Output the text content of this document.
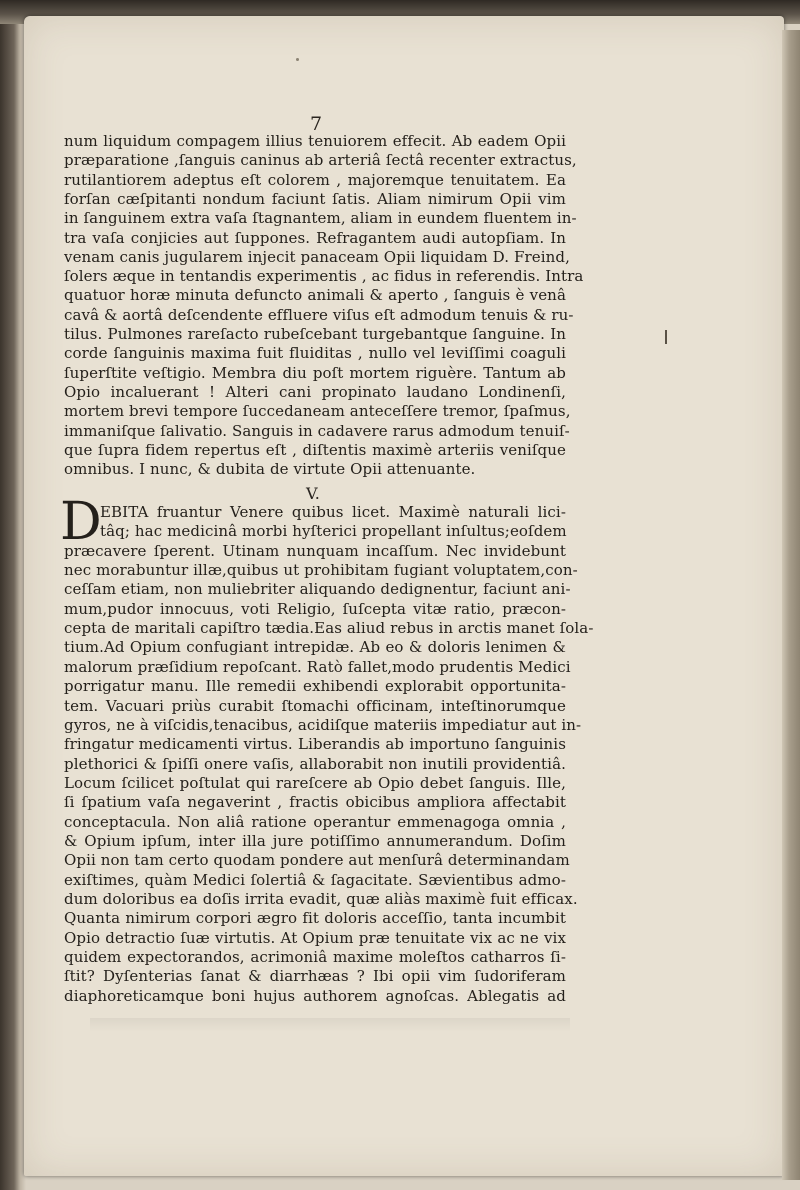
7
num liquidum compagem illius tenuiorem effecit. Ab eadem Opii
præparatione ,ſanguis caninus ab arteriâ ſectâ recenter extractus,
rutilantiorem adeptus eſt colorem , majoremque tenuitatem. Ea
forſan cæſpitanti nondum faciunt ſatis. Aliam nimirum Opii vim
in ſanguinem extra vaſa ſtagnantem, aliam in eundem fluentem in-
tra vaſa conjicies aut ſuppones. Refragantem audi autopſiam. In
venam canis jugularem injecit panaceam Opii liquidam D. Freind,
ſolers æque in tentandis experimentis , ac fidus in referendis. Intra
quatuor horæ minuta defuncto animali & aperto , ſanguis è venâ
cavâ & aortâ deſcendente effluere viſus eſt admodum tenuis & ru-
tilus. Pulmones rareſacto rubeſcebant turgebantque ſanguine. In
corde ſanguinis maxima fuit fluiditas , nullo vel leviſſimi coaguli
ſuperſtite veſtigio. Membra diu poſt mortem riguère. Tantum ab
Opio incaluerant ! Alteri cani propinato laudano Londinenſi,
mortem brevi tempore ſuccedaneam anteceſſere tremor, ſpaſmus,
immaniſque ſalivatio. Sanguis in cadavere rarus admodum tenuiſ-
que ſupra fidem repertus eſt , diſtentis maximè arteriis veniſque
omnibus. I nunc, & dubita de virtute Opii attenuante.
V.
D
EBITA fruantur Venere quibus licet. Maximè naturali lici-
tâq; hac medicinâ morbi hyſterici propellant inſultus;eoſdem
præcavere ſperent. Utinam nunquam incaſſum. Nec invidebunt
nec morabuntur illæ,quibus ut prohibitam fugiant voluptatem,con-
ceſſam etiam, non muliebriter aliquando dedignentur, faciunt ani-
mum,pudor innocuus, voti Religio, ſuſcepta vitæ ratio, præcon-
cepta de maritali capiſtro tædia.Eas aliud rebus in arctis manet ſola-
tium.Ad Opium confugiant intrepidæ. Ab eo & doloris lenimen &
malorum præſidium repoſcant. Ratò fallet,modo prudentis Medici
porrigatur manu. Ille remedii exhibendi explorabit opportunita-
tem. Vacuari priùs curabit ſtomachi officinam, inteſtinorumque
gyros, ne à viſcidis,tenacibus, acidiſque materiis impediatur aut in-
fringatur medicamenti virtus. Liberandis ab importuno ſanguinis
plethorici & ſpiſſi onere vaſis, allaborabit non inutili providentiâ.
Locum ſcilicet poſtulat qui rareſcere ab Opio debet ſanguis. Ille,
ſi ſpatium vaſa negaverint , fractis obicibus ampliora affectabit
conceptacula. Non aliâ ratione operantur emmenagoga omnia ,
& Opium ipſum, inter illa jure potiſſimo annumerandum. Doſim
Opii non tam certo quodam pondere aut menſurâ determinandam
exiſtimes, quàm Medici ſolertiâ & ſagacitate. Sævientibus admo-
dum doloribus ea doſis irrita evadit, quæ aliàs maximè fuit efficax.
Quanta nimirum corpori ægro fit doloris acceſſio, tanta incumbit
Opio detractio ſuæ virtutis. At Opium præ tenuitate vix ac ne vix
quidem expectorandos, acrimoniâ maxime moleſtos catharros ſi-
ſtit? Dyſenterias ſanat & diarrhæas ? Ibi opii vim ſudoriferam
diaphoreticamque boni hujus authorem agnoſcas. Ablegatis ad
